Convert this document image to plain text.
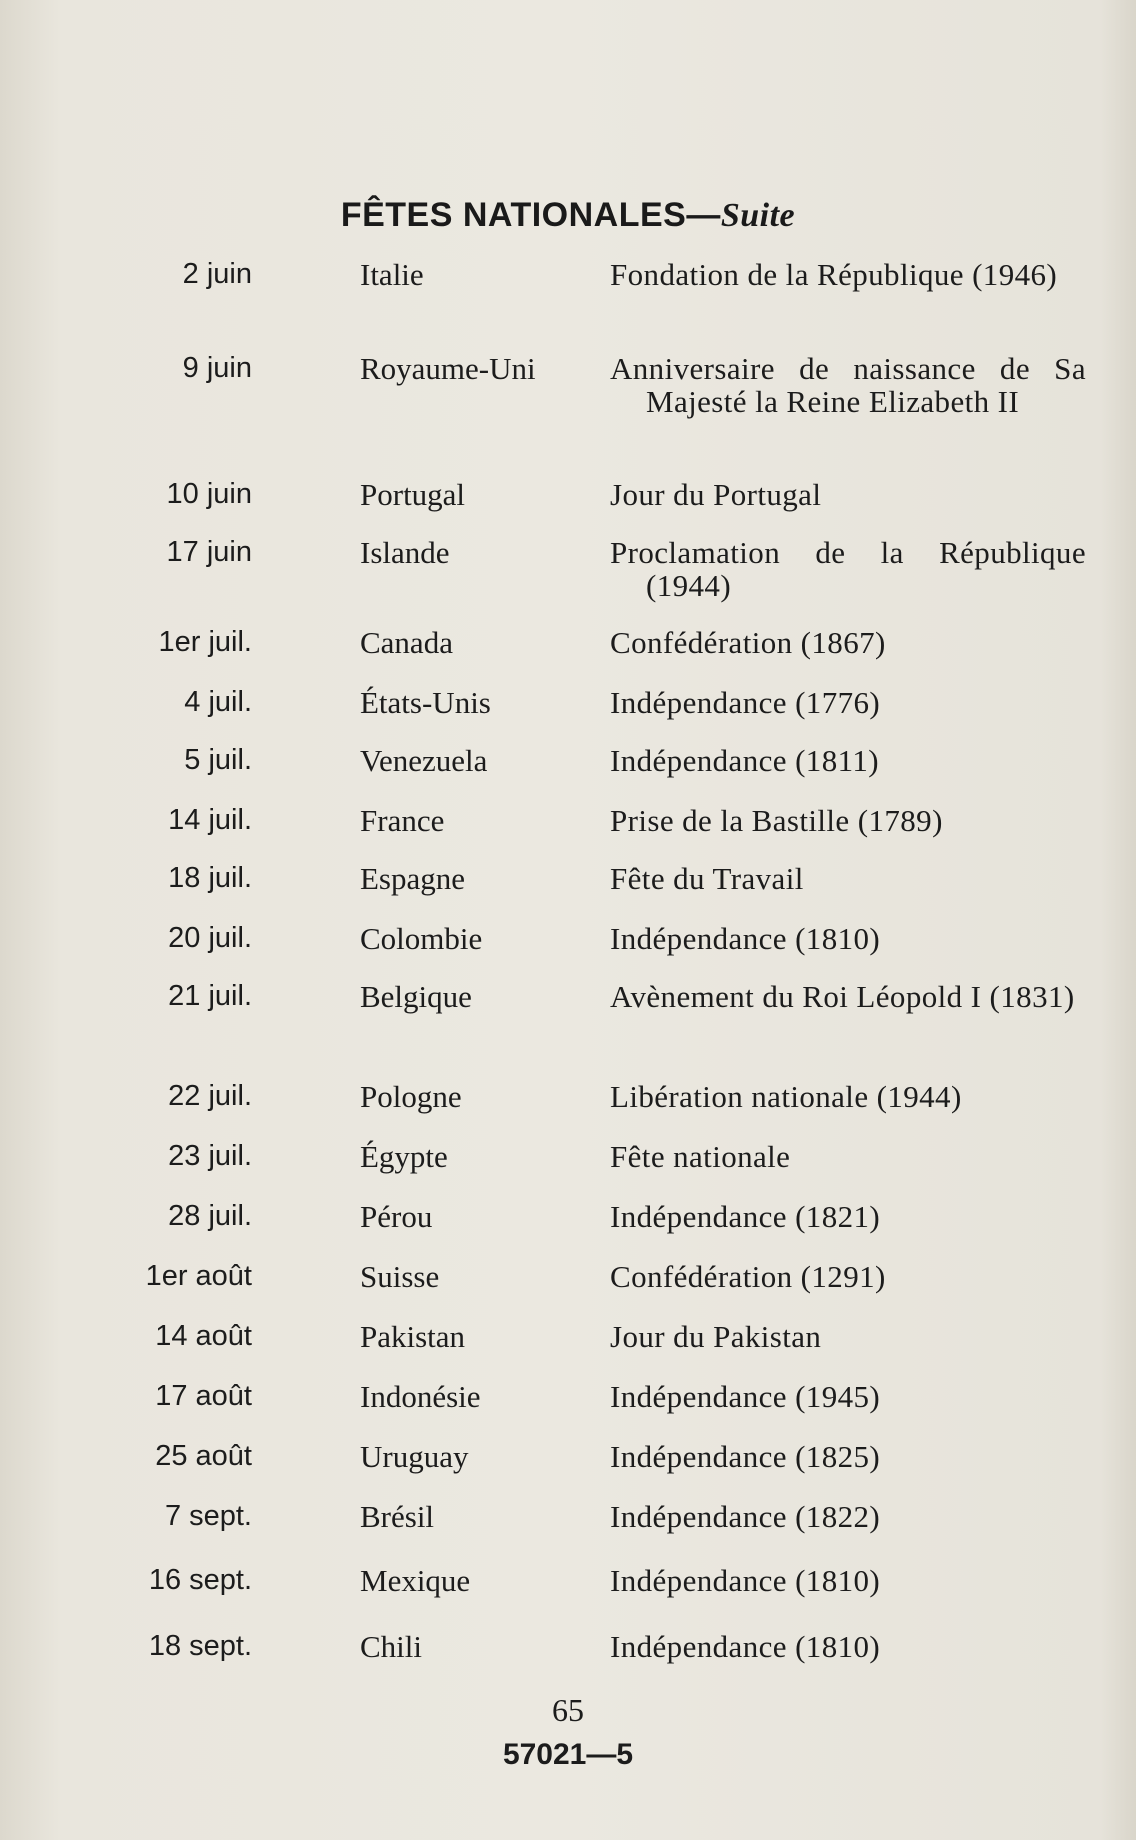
FÊTES NATIONALES—Suite
2 juin	Italie	Fondation de la République (1946)
9 juin	Royaume-Uni	Anniversaire de naissance de Sa Majesté la Reine Elizabeth II
10 juin	Portugal	Jour du Portugal
17 juin	Islande	Proclamation de la République (1944)
1er juil.	Canada	Confédération (1867)
4 juil.	États-Unis	Indépendance (1776)
5 juil.	Venezuela	Indépendance (1811)
14 juil.	France	Prise de la Bastille (1789)
18 juil.	Espagne	Fête du Travail
20 juil.	Colombie	Indépendance (1810)
21 juil.	Belgique	Avènement du Roi Léopold I (1831)
22 juil.	Pologne	Libération nationale (1944)
23 juil.	Égypte	Fête nationale
28 juil.	Pérou	Indépendance (1821)
1er août	Suisse	Confédération (1291)
14 août	Pakistan	Jour du Pakistan
17 août	Indonésie	Indépendance (1945)
25 août	Uruguay	Indépendance (1825)
7 sept.	Brésil	Indépendance (1822)
16 sept.	Mexique	Indépendance (1810)
18 sept.	Chili	Indépendance (1810)
65
57021—5
